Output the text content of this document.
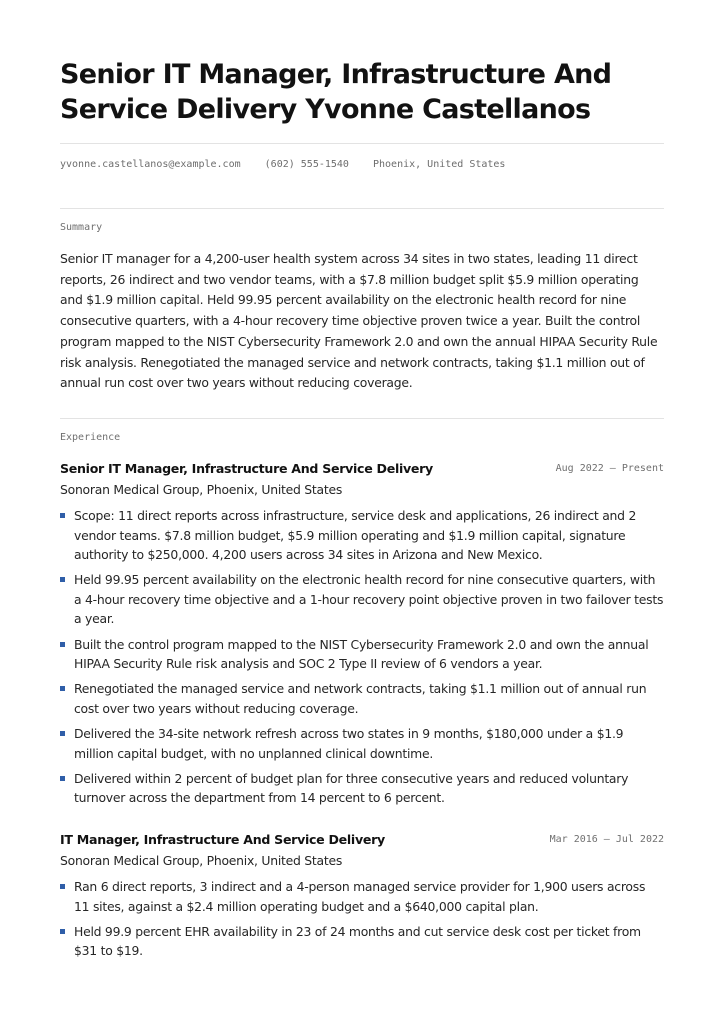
Senior IT Manager, Infrastructure And Service Delivery Yvonne Castellanos
yvonne.castellanos@example.com (602) 555-1540 Phoenix, United States
Summary

Senior IT manager for a 4,200-user health system across 34 sites in two states, leading 11 direct reports, 26 indirect and two vendor teams, with a $7.8 million budget split $5.9 million operating and $1.9 million capital. Held 99.95 percent availability on the electronic health record for nine consecutive quarters, with a 4-hour recovery time objective proven twice a year. Built the control program mapped to the NIST Cybersecurity Framework 2.0 and own the annual HIPAA Security Rule risk analysis. Renegotiated the managed service and network contracts, taking $1.1 million out of annual run cost over two years without reducing coverage.

Experience
Senior IT Manager, Infrastructure And Service Delivery	Aug 2022 — Present
Sonoran Medical Group, Phoenix, United States
Scope: 11 direct reports across infrastructure, service desk and applications, 26 indirect and 2 vendor teams. $7.8 million budget, $5.9 million operating and $1.9 million capital, signature authority to $250,000. 4,200 users across 34 sites in Arizona and New Mexico.
Held 99.95 percent availability on the electronic health record for nine consecutive quarters, with a 4-hour recovery time objective and a 1-hour recovery point objective proven in two failover tests a year.
Built the control program mapped to the NIST Cybersecurity Framework 2.0 and own the annual HIPAA Security Rule risk analysis and SOC 2 Type II review of 6 vendors a year.
Renegotiated the managed service and network contracts, taking $1.1 million out of annual run cost over two years without reducing coverage.
Delivered the 34-site network refresh across two states in 9 months, $180,000 under a $1.9 million capital budget, with no unplanned clinical downtime.
Delivered within 2 percent of budget plan for three consecutive years and reduced voluntary turnover across the department from 14 percent to 6 percent.
IT Manager, Infrastructure And Service Delivery	Mar 2016 — Jul 2022
Sonoran Medical Group, Phoenix, United States
Ran 6 direct reports, 3 indirect and a 4-person managed service provider for 1,900 users across 11 sites, against a $2.4 million operating budget and a $640,000 capital plan.
Held 99.9 percent EHR availability in 23 of 24 months and cut service desk cost per ticket from $31 to $19.
